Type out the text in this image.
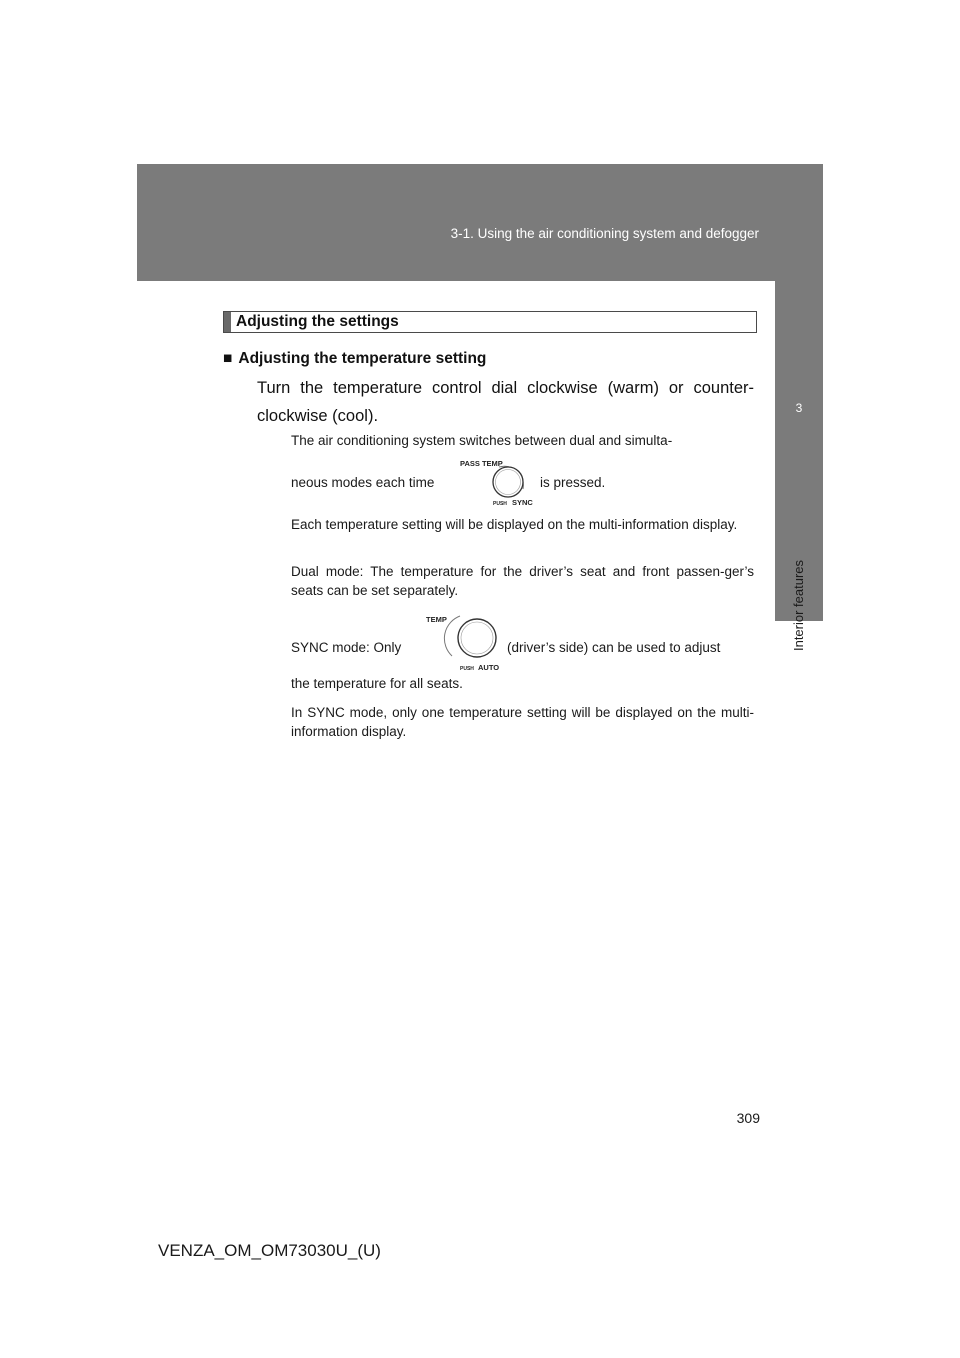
3-1. Using the air conditioning system and defogger
3
Interior features
Adjusting the settings
■ Adjusting the temperature setting
Turn the temperature control dial clockwise (warm) or counter-clockwise (cool).
The air conditioning system switches between dual and simulta-
neous modes each time
PASS TEMP
PUSH SYNC
is pressed.
Each temperature setting will be displayed on the multi-information display.
Dual mode: The temperature for the driver’s seat and front passen-ger’s seats can be set separately.
SYNC mode: Only
TEMP
PUSH AUTO
(driver’s side) can be used to adjust
the temperature for all seats.
In SYNC mode, only one temperature setting will be displayed on the multi-information display.
309
VENZA_OM_OM73030U_(U)
